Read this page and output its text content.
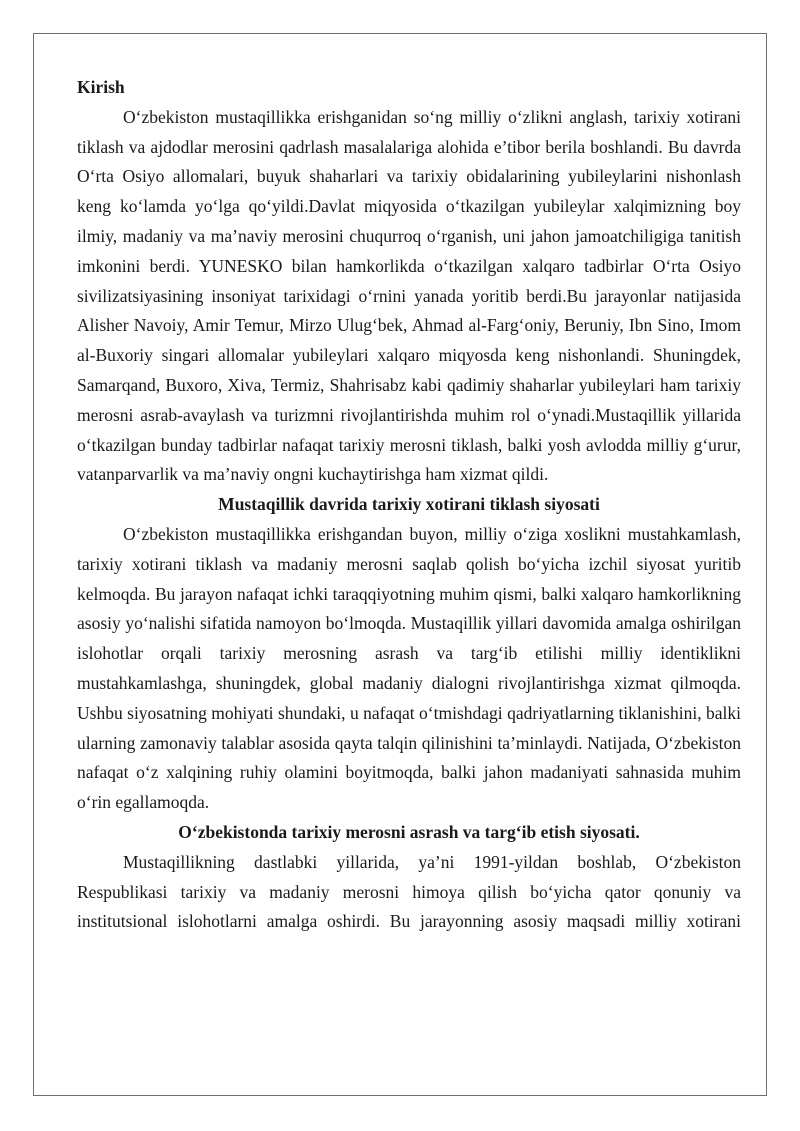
Kirish

O‘zbekiston mustaqillikka erishganidan so‘ng milliy o‘zlikni anglash, tarixiy xotirani tiklash va ajdodlar merosini qadrlash masalalariga alohida e’tibor berila boshlandi. Bu davrda O‘rta Osiyo allomalari, buyuk shaharlari va tarixiy obidalarining yubileylarini nishonlash keng ko‘lamda yo‘lga qo‘yildi.Davlat miqyosida o‘tkazilgan yubileylar xalqimizning boy ilmiy, madaniy va ma’naviy merosini chuqurroq o‘rganish, uni jahon jamoatchiligiga tanitish imkonini berdi. YUNESKO bilan hamkorlikda o‘tkazilgan xalqaro tadbirlar O‘rta Osiyo sivilizatsiyasining insoniyat tarixidagi o‘rnini yanada yoritib berdi.Bu jarayonlar natijasida Alisher Navoiy, Amir Temur, Mirzo Ulug‘bek, Ahmad al-Farg‘oniy, Beruniy, Ibn Sino, Imom al-Buxoriy singari allomalar yubileylari xalqaro miqyosda keng nishonlandi. Shuningdek, Samarqand, Buxoro, Xiva, Termiz, Shahrisabz kabi qadimiy shaharlar yubileylari ham tarixiy merosni asrab-avaylash va turizmni rivojlantirishda muhim rol o‘ynadi.Mustaqillik yillarida o‘tkazilgan bunday tadbirlar nafaqat tarixiy merosni tiklash, balki yosh avlodda milliy g‘urur, vatanparvarlik va ma’naviy ongni kuchaytirishga ham xizmat qildi.

Mustaqillik davrida tarixiy xotirani tiklash siyosati

O‘zbekiston mustaqillikka erishgandan buyon, milliy o‘ziga xoslikni mustahkamlash, tarixiy xotirani tiklash va madaniy merosni saqlab qolish bo‘yicha izchil siyosat yuritib kelmoqda. Bu jarayon nafaqat ichki taraqqiyotning muhim qismi, balki xalqaro hamkorlikning asosiy yo‘nalishi sifatida namoyon bo‘lmoqda. Mustaqillik yillari davomida amalga oshirilgan islohotlar orqali tarixiy merosning asrash va targ‘ib etilishi milliy identiklikni mustahkamlashga, shuningdek, global madaniy dialogni rivojlantirishga xizmat qilmoqda. Ushbu siyosatning mohiyati shundaki, u nafaqat o‘tmishdagi qadriyatlarning tiklanishini, balki ularning zamonaviy talablar asosida qayta talqin qilinishini ta’minlaydi. Natijada, O‘zbekiston nafaqat o‘z xalqining ruhiy olamini boyitmoqda, balki jahon madaniyati sahnasida muhim o‘rin egallamoqda.

O‘zbekistonda tarixiy merosni asrash va targ‘ib etish siyosati.

Mustaqillikning dastlabki yillarida, ya’ni 1991-yildan boshlab, O‘zbekiston Respublikasi tarixiy va madaniy merosni himoya qilish bo‘yicha qator qonuniy va institutsional islohotlarni amalga oshirdi. Bu jarayonning asosiy maqsadi milliy xotirani
